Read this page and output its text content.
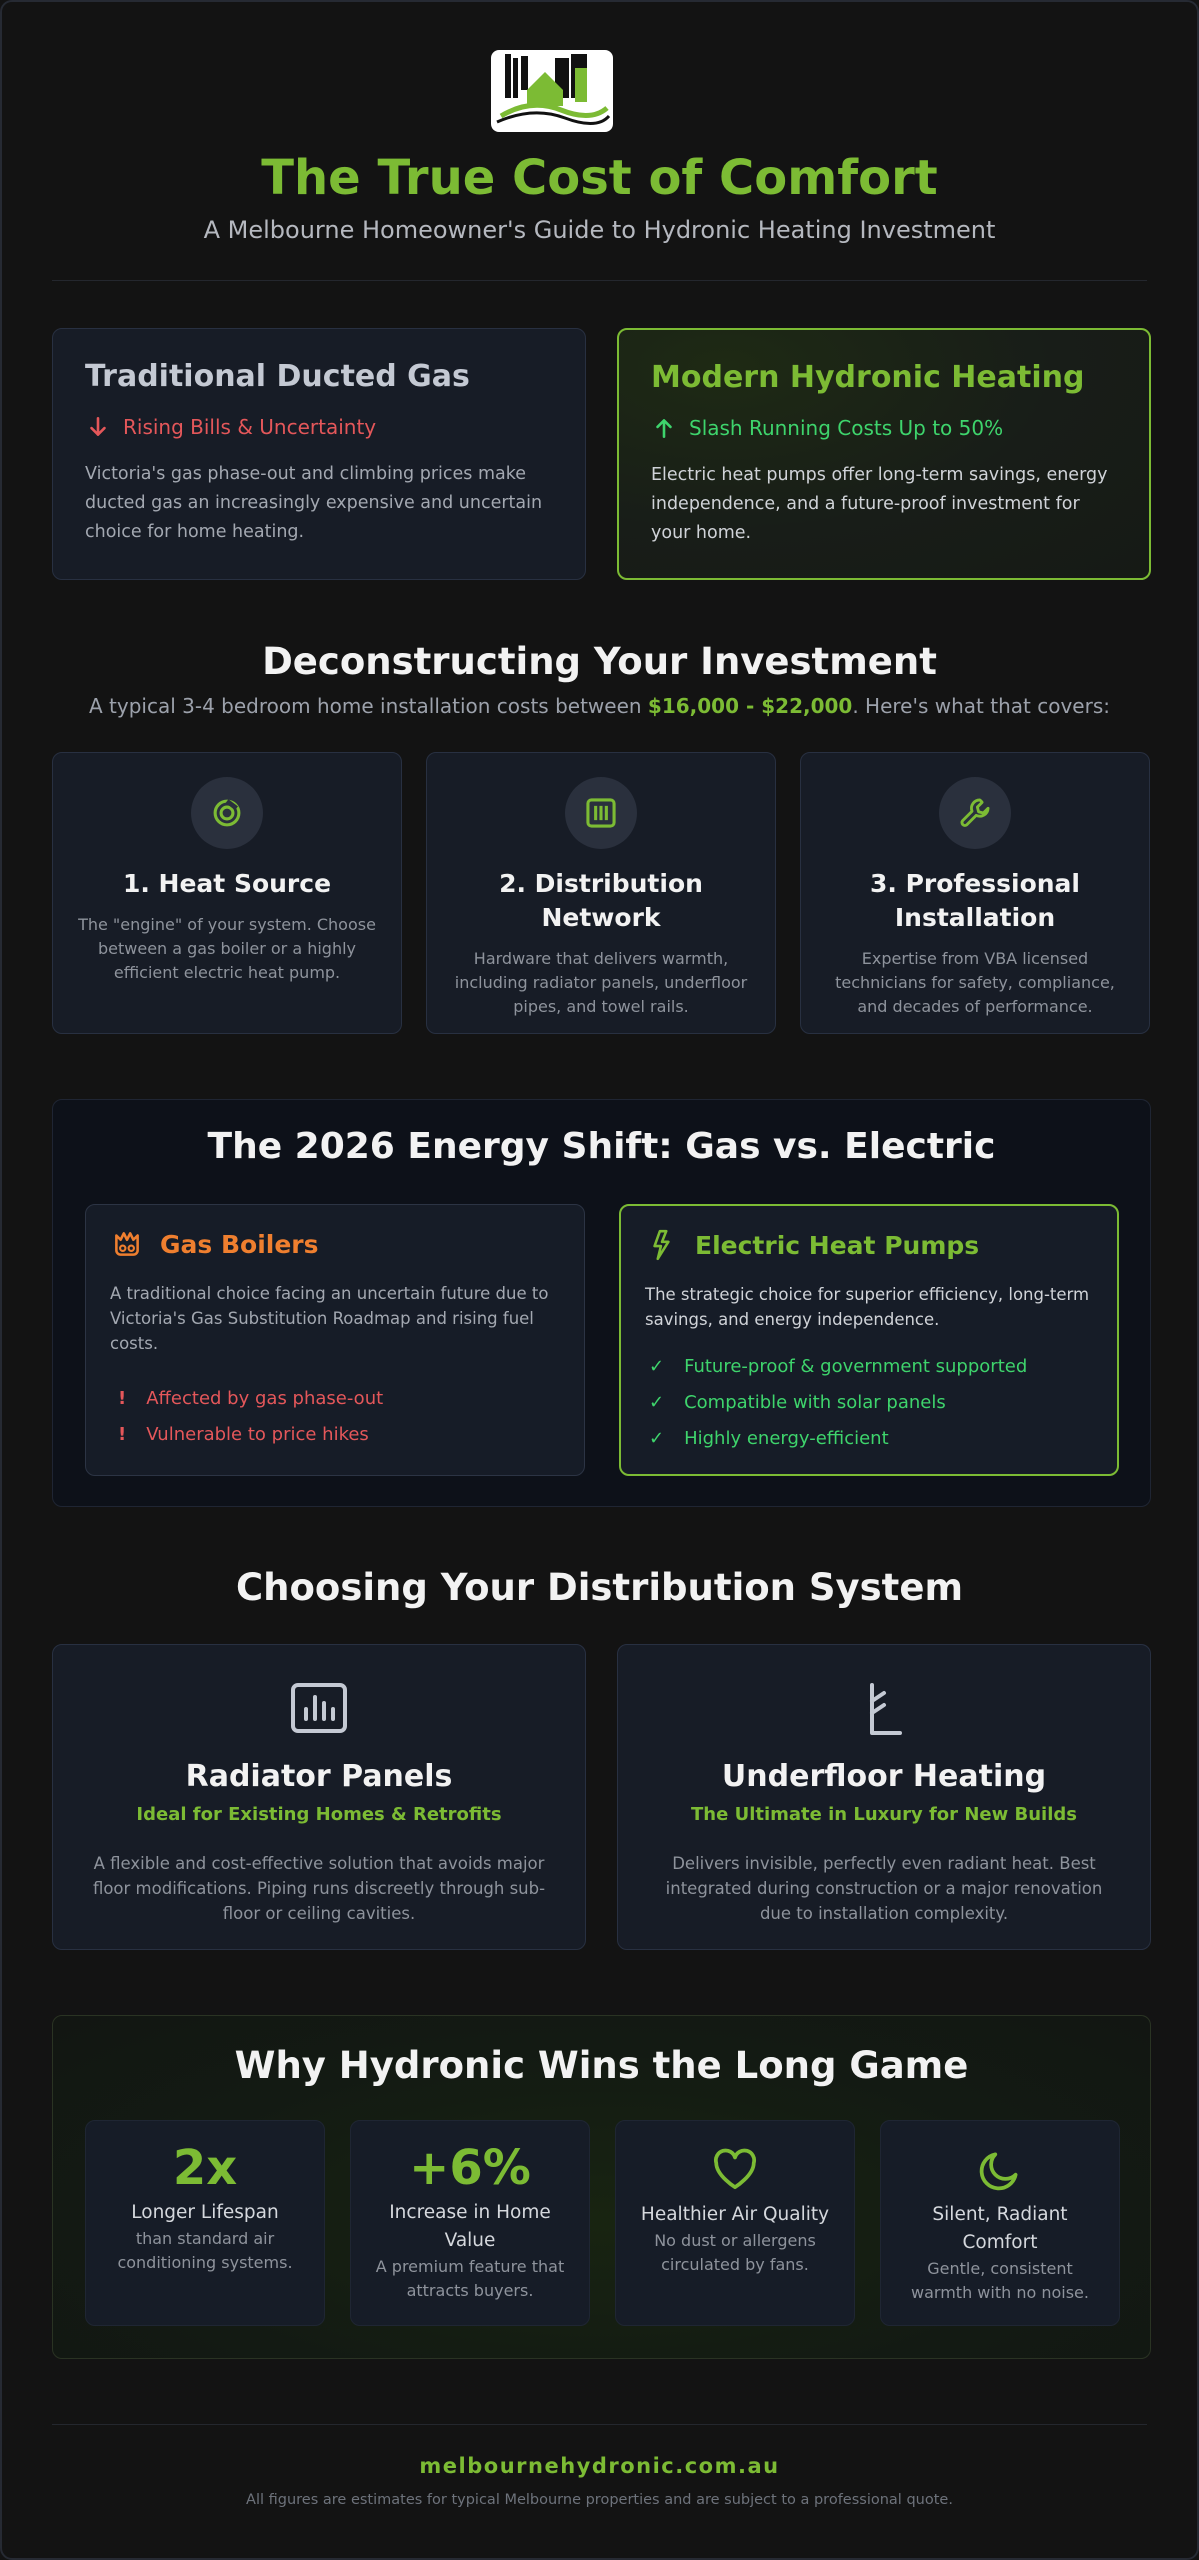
The True Cost of Comfort

A Melbourne Homeowner's Guide to Hydronic Heating Investment

Traditional Ducted Gas
Rising Bills & Uncertainty

Victoria's gas phase-out and climbing prices make ducted gas an increasingly expensive and uncertain choice for home heating.

Modern Hydronic Heating
Slash Running Costs Up to 50%

Electric heat pumps offer long-term savings, energy independence, and a future-proof investment for your home.

Deconstructing Your Investment

A typical 3-4 bedroom home installation costs between $16,000 - $22,000. Here's what that covers:

1. Heat Source

The "engine" of your system. Choose between a gas boiler or a highly efficient electric heat pump.

2. Distribution Network

Hardware that delivers warmth, including radiator panels, underfloor pipes, and towel rails.

3. Professional Installation

Expertise from VBA licensed technicians for safety, compliance, and decades of performance.

The 2026 Energy Shift: Gas vs. Electric
Gas Boilers

A traditional choice facing an uncertain future due to Victoria's Gas Substitution Roadmap and rising fuel costs.

! Affected by gas phase-out
! Vulnerable to price hikes
Electric Heat Pumps

The strategic choice for superior efficiency, long-term savings, and energy independence.

✓ Future-proof & government supported
✓ Compatible with solar panels
✓ Highly energy-efficient
Choosing Your Distribution System
Radiator Panels
Ideal for Existing Homes & Retrofits

A flexible and cost-effective solution that avoids major floor modifications. Piping runs discreetly through sub-floor or ceiling cavities.

Underfloor Heating
The Ultimate in Luxury for New Builds

Delivers invisible, perfectly even radiant heat. Best integrated during construction or a major renovation due to installation complexity.

Why Hydronic Wins the Long Game
2x
Longer Lifespan
than standard air conditioning systems.
+6%
Increase in Home Value
A premium feature that attracts buyers.
Healthier Air Quality
No dust or allergens circulated by fans.
Silent, Radiant Comfort
Gentle, consistent warmth with no noise.
melbournehydronic.com.au
All figures are estimates for typical Melbourne properties and are subject to a professional quote.
